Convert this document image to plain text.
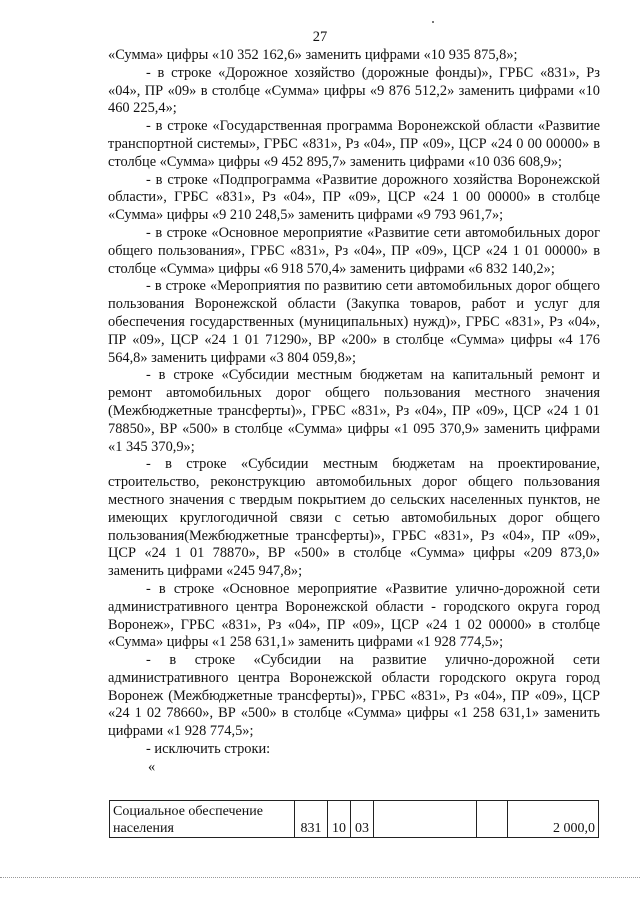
27

«Сумма» цифры «10 352 162,6» заменить цифрами «10 935 875,8»;

- в строке «Дорожное хозяйство (дорожные фонды)», ГРБС «831», Рз «04», ПР «09» в столбце «Сумма» цифры «9 876 512,2» заменить цифрами «10 460 225,4»;

- в строке «Государственная программа Воронежской области «Развитие транспортной системы», ГРБС «831», Рз «04», ПР «09», ЦСР «24 0 00 00000» в столбце «Сумма» цифры «9 452 895,7» заменить цифрами «10 036 608,9»;

- в строке «Подпрограмма «Развитие дорожного хозяйства Воронежской области», ГРБС «831», Рз «04», ПР «09», ЦСР «24 1 00 00000» в столбце «Сумма» цифры «9 210 248,5» заменить цифрами «9 793 961,7»;

- в строке «Основное мероприятие «Развитие сети автомобильных дорог общего пользования», ГРБС «831», Рз «04», ПР «09», ЦСР «24 1 01 00000» в столбце «Сумма» цифры «6 918 570,4» заменить цифрами «6 832 140,2»;

- в строке «Мероприятия по развитию сети автомобильных дорог общего пользования Воронежской области (Закупка товаров, работ и услуг для обеспечения государственных (муниципальных) нужд)», ГРБС «831», Рз «04», ПР «09», ЦСР «24 1 01 71290», ВР «200» в столбце «Сумма» цифры «4 176 564,8» заменить цифрами «3 804 059,8»;

- в строке «Субсидии местным бюджетам на капитальный ремонт и ремонт автомобильных дорог общего пользования местного значения (Межбюджетные трансферты)», ГРБС «831», Рз «04», ПР «09», ЦСР «24 1 01 78850», ВР «500» в столбце «Сумма» цифры «1 095 370,9» заменить цифрами «1 345 370,9»;

- в строке «Субсидии местным бюджетам на проектирование, строительство, реконструкцию автомобильных дорог общего пользования местного значения с твердым покрытием до сельских населенных пунктов, не имеющих круглогодичной связи с сетью автомобильных дорог общего пользования(Межбюджетные трансферты)», ГРБС «831», Рз «04», ПР «09», ЦСР «24 1 01 78870», ВР «500» в столбце «Сумма» цифры «209 873,0» заменить цифрами «245 947,8»;

- в строке «Основное мероприятие «Развитие улично-дорожной сети административного центра Воронежской области - городского округа город Воронеж», ГРБС «831», Рз «04», ПР «09», ЦСР «24 1 02 00000» в столбце «Сумма» цифры «1 258 631,1» заменить цифрами «1 928 774,5»;

- в строке «Субсидии на развитие улично-дорожной сети административного центра Воронежской области городского округа город Воронеж (Межбюджетные трансферты)», ГРБС «831», Рз «04», ПР «09», ЦСР «24 1 02 78660», ВР «500» в столбце «Сумма» цифры «1 258 631,1» заменить цифрами «1 928 774,5»;

- исключить строки:

«

Социальное обеспечение населения	831	10	03			2 000,0
